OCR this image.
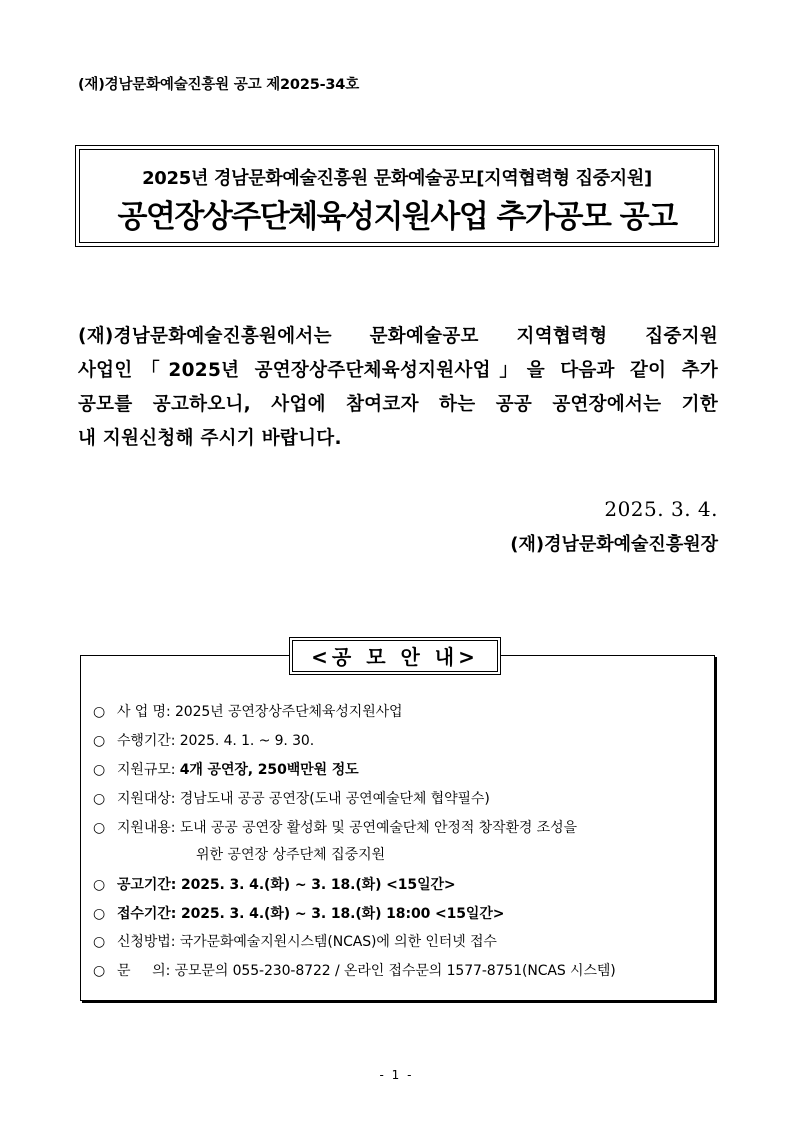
(재)경남문화예술진흥원 공고 제2025-34호
2025년 경남문화예술진흥원 문화예술공모[지역협력형 집중지원]
공연장상주단체육성지원사업 추가공모 공고
(재)경남문화예술진흥원에서는 문화예술공모 지역협력형 집중지원
사업인「2025년 공연장상주단체육성지원사업」을 다음과 같이 추가
공모를 공고하오니, 사업에 참여코자 하는 공공 공연장에서는 기한
내 지원신청해 주시기 바랍니다.
2025. 3. 4.
(재)경남문화예술진흥원장
<공 모 안 내>
○ 사 업 명: 2025년 공연장상주단체육성지원사업
○ 수행기간: 2025. 4. 1. ~ 9. 30.
○ 지원규모: 4개 공연장, 250백만원 정도
○ 지원대상: 경남도내 공공 공연장(도내 공연예술단체 협약필수)
○ 지원내용: 도내 공공 공연장 활성화 및 공연예술단체 안정적 창작환경 조성을
위한 공연장 상주단체 집중지원
○ 공고기간: 2025. 3. 4.(화) ~ 3. 18.(화) <15일간>
○ 접수기간: 2025. 3. 4.(화) ~ 3. 18.(화) 18:00 <15일간>
○ 신청방법: 국가문화예술지원시스템(NCAS)에 의한 인터넷 접수
○ 문     의: 공모문의 055-230-8722 / 온라인 접수문의 1577-8751(NCAS 시스템)
- 1 -
